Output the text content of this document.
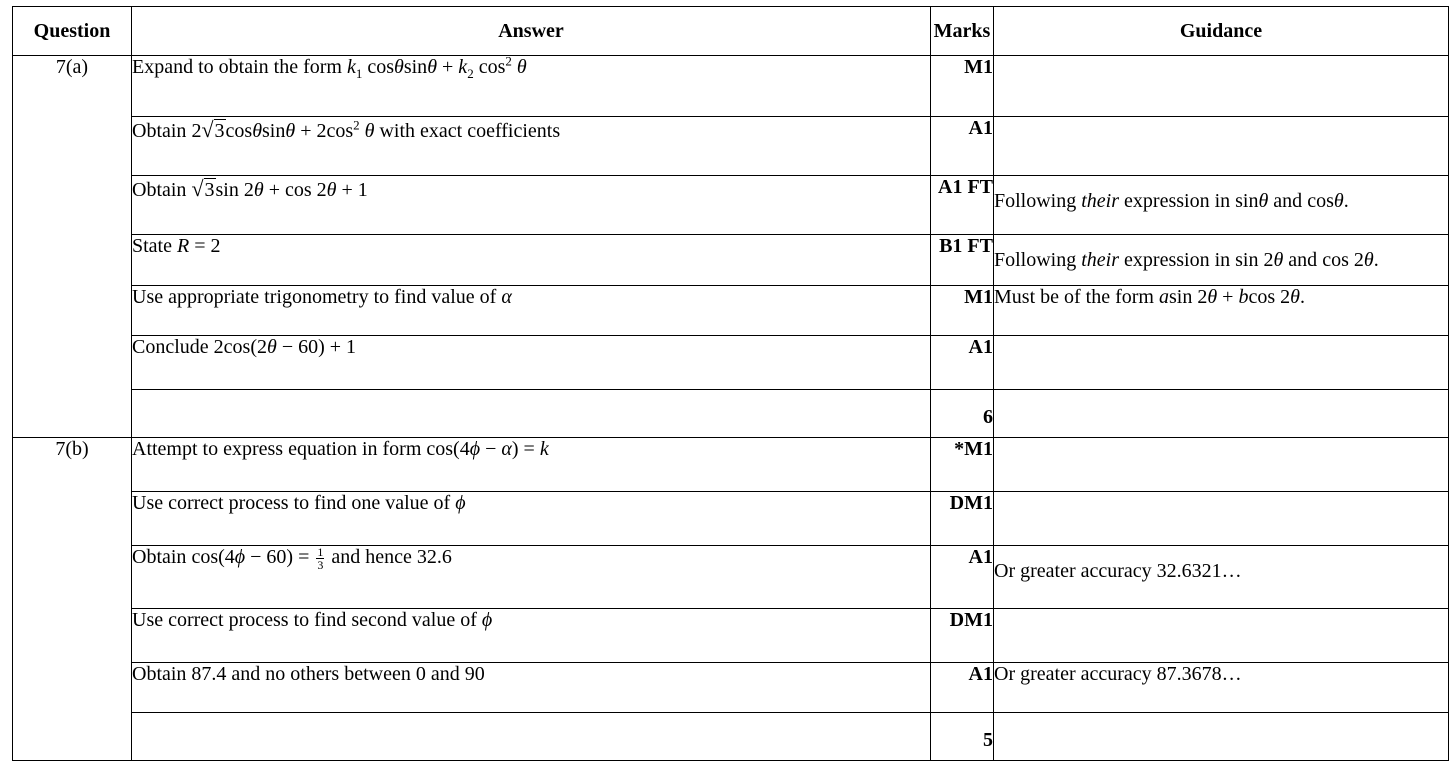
Question	Answer	Marks	Guidance
7(a)	Expand to obtain the form $k_1$ $\cos\theta\sin\theta + k_2$ $\cos^2 \theta$	M1	
	Obtain $2√3\cos\theta\sin\theta + 2\cos^2$ θ with exact coefficients	A1	
	Obtain √3sin 2θ + cos 2θ + 1	A1 FT	Following their expression in sinθ and cosθ.
	State R = 2	B1 FT	Following their expression in sin 2θ and cos 2θ.
	Use appropriate trigonometry to find value of α	M1	Must be of the form asin 2θ + bcos 2θ.
	Conclude 2cos(2θ − 60) + 1	A1	
		6	
7(b)	Attempt to express equation in form cos(4ϕ − α) = k	*M1	
	Use correct process to find one value of ϕ	DM1	
	Obtain $\cos(4\phi - 60) = \frac{1}{3}$ and hence 32.6	A1	Or greater accuracy 32.6321…
	Use correct process to find second value of ϕ	DM1	
	Obtain 87.4 and no others between 0 and 90	A1	Or greater accuracy 87.3678…
		5	
